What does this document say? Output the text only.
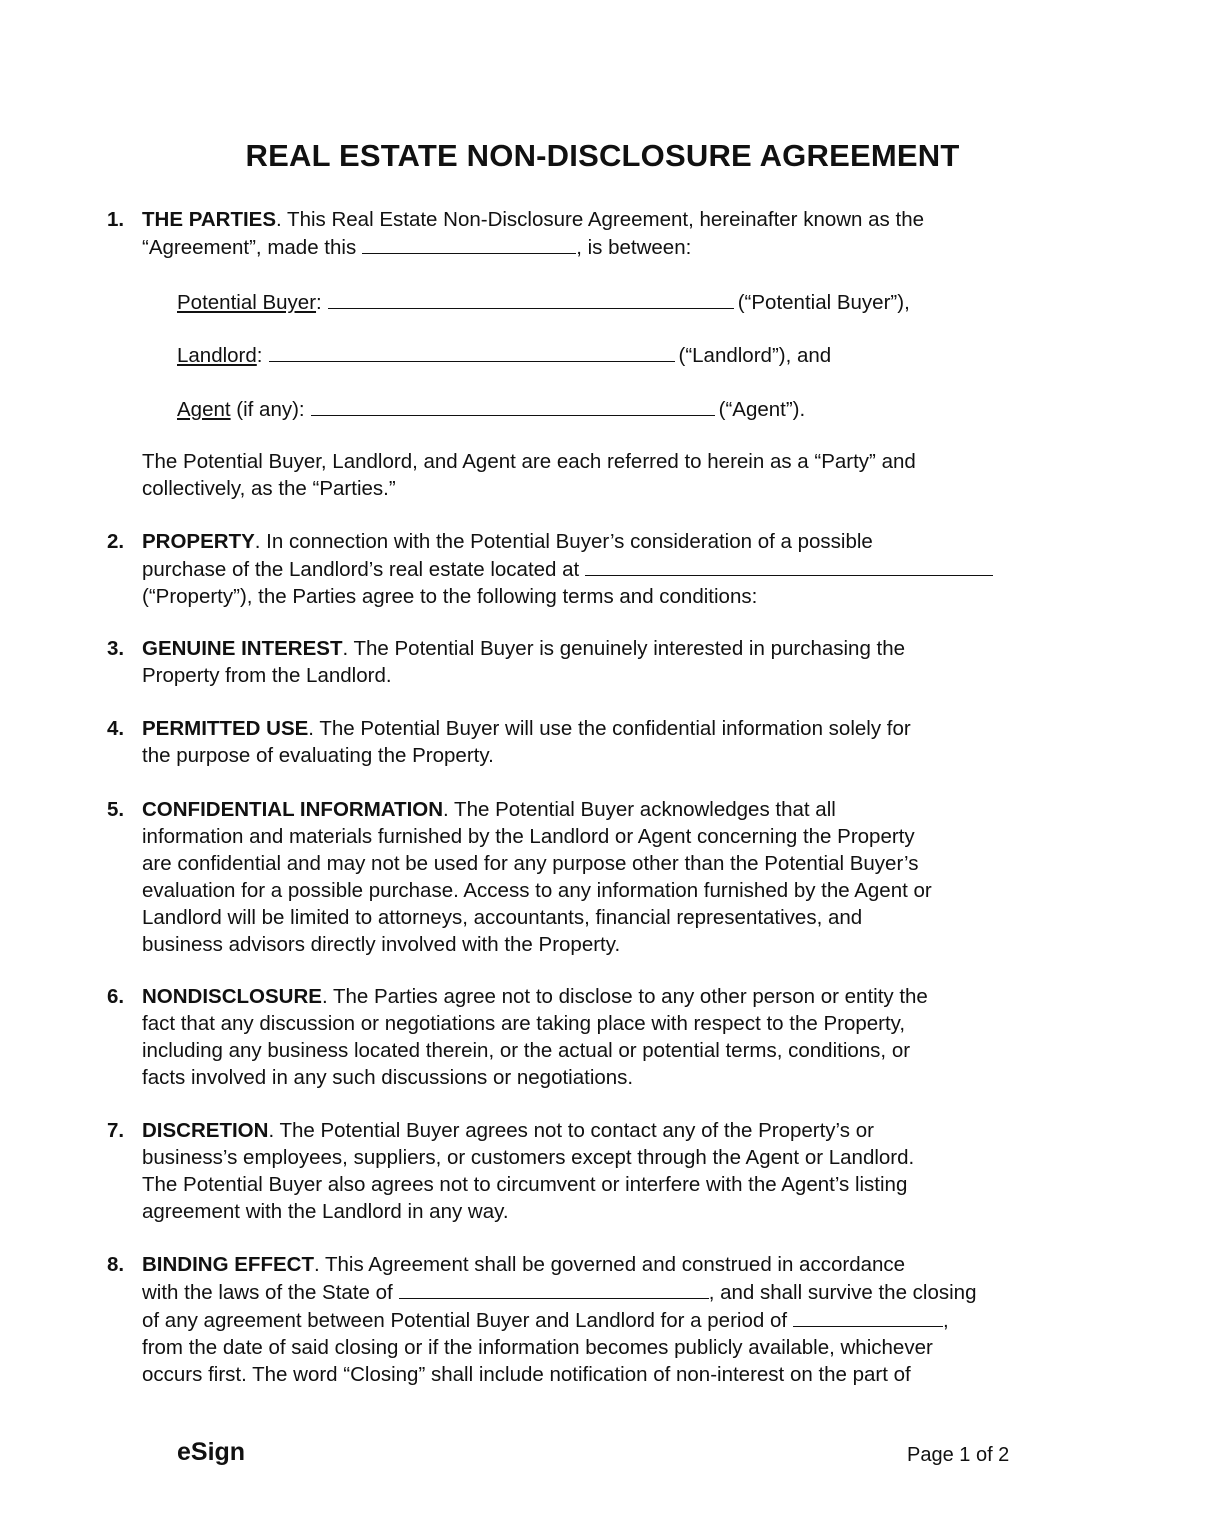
REAL ESTATE NON-DISCLOSURE AGREEMENT
1. THE PARTIES. This Real Estate Non-Disclosure Agreement, hereinafter known as the
“Agreement”, made this	, is between:
Potential Buyer:	(“Potential Buyer”),
Landlord:	(“Landlord”), and
Agent (if any):	(“Agent”).
The Potential Buyer, Landlord, and Agent are each referred to herein as a “Party” and
collectively, as the “Parties.”
2. PROPERTY. In connection with the Potential Buyer’s consideration of a possible
purchase of the Landlord’s real estate located at
(“Property”), the Parties agree to the following terms and conditions:
3. GENUINE INTEREST. The Potential Buyer is genuinely interested in purchasing the
Property from the Landlord.
4. PERMITTED USE. The Potential Buyer will use the confidential information solely for
the purpose of evaluating the Property.
5. CONFIDENTIAL INFORMATION. The Potential Buyer acknowledges that all
information and materials furnished by the Landlord or Agent concerning the Property
are confidential and may not be used for any purpose other than the Potential Buyer’s
evaluation for a possible purchase. Access to any information furnished by the Agent or
Landlord will be limited to attorneys, accountants, financial representatives, and
business advisors directly involved with the Property.
6. NONDISCLOSURE. The Parties agree not to disclose to any other person or entity the
fact that any discussion or negotiations are taking place with respect to the Property,
including any business located therein, or the actual or potential terms, conditions, or
facts involved in any such discussions or negotiations.
7. DISCRETION. The Potential Buyer agrees not to contact any of the Property’s or
business’s employees, suppliers, or customers except through the Agent or Landlord.
The Potential Buyer also agrees not to circumvent or interfere with the Agent’s listing
agreement with the Landlord in any way.
8. BINDING EFFECT. This Agreement shall be governed and construed in accordance
with the laws of the State of	, and shall survive the closing
of any agreement between Potential Buyer and Landlord for a period of	,
from the date of said closing or if the information becomes publicly available, whichever
occurs first. The word “Closing” shall include notification of non-interest on the part of
eSign	Page 1 of 2
